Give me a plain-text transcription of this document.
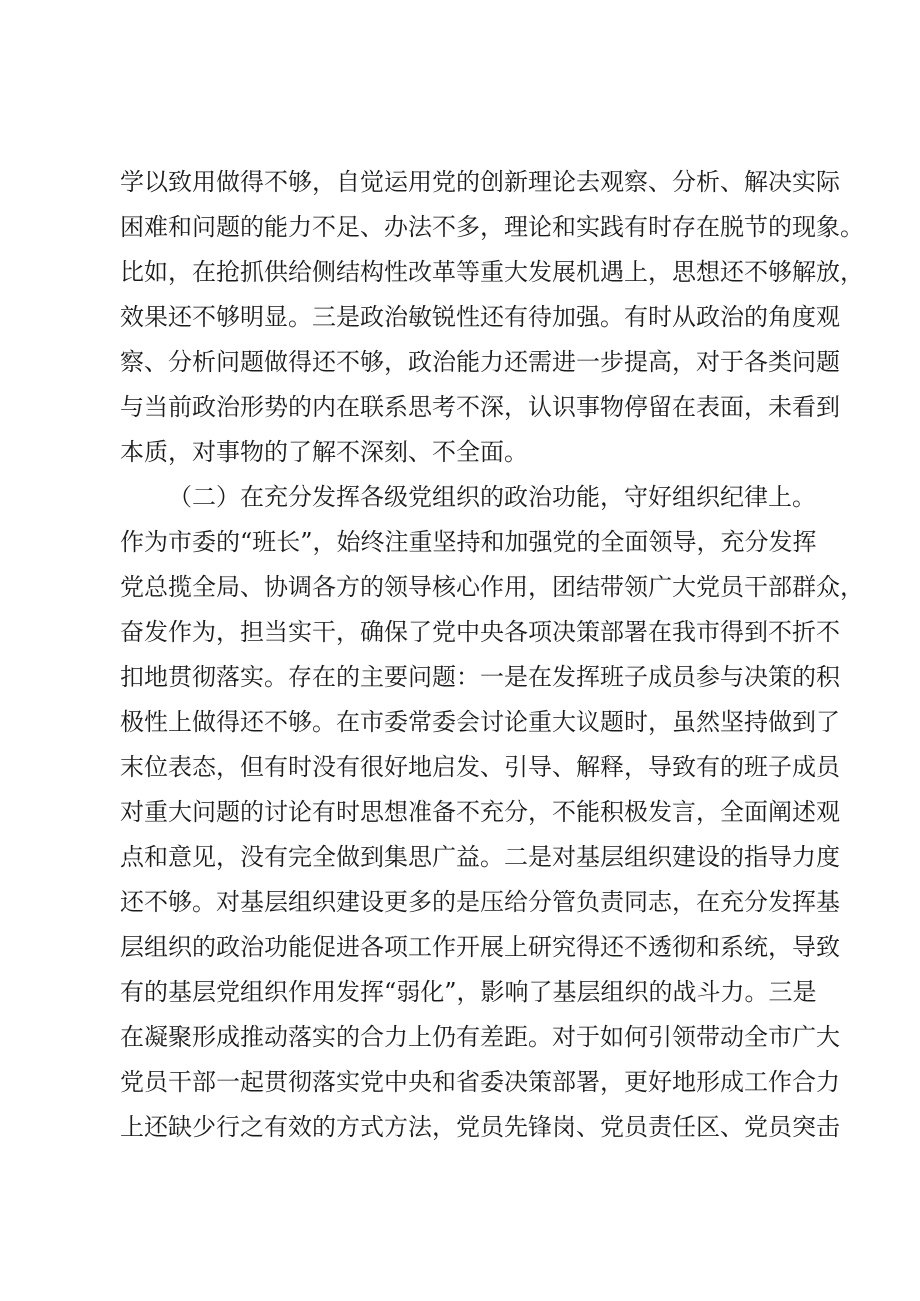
学以致用做得不够，自觉运用党的创新理论去观察、分析、解决实际
困难和问题的能力不足、办法不多，理论和实践有时存在脱节的现象。
比如，在抢抓供给侧结构性改革等重大发展机遇上，思想还不够解放，
效果还不够明显。三是政治敏锐性还有待加强。有时从政治的角度观
察、分析问题做得还不够，政治能力还需进一步提高，对于各类问题
与当前政治形势的内在联系思考不深，认识事物停留在表面，未看到
本质，对事物的了解不深刻、不全面。
（二）在充分发挥各级党组织的政治功能，守好组织纪律上。
作为市委的“班长”，始终注重坚持和加强党的全面领导，充分发挥
党总揽全局、协调各方的领导核心作用，团结带领广大党员干部群众，
奋发作为，担当实干，确保了党中央各项决策部署在我市得到不折不
扣地贯彻落实。存在的主要问题：一是在发挥班子成员参与决策的积
极性上做得还不够。在市委常委会讨论重大议题时，虽然坚持做到了
末位表态，但有时没有很好地启发、引导、解释，导致有的班子成员
对重大问题的讨论有时思想准备不充分，不能积极发言，全面阐述观
点和意见，没有完全做到集思广益。二是对基层组织建设的指导力度
还不够。对基层组织建设更多的是压给分管负责同志，在充分发挥基
层组织的政治功能促进各项工作开展上研究得还不透彻和系统，导致
有的基层党组织作用发挥“弱化”，影响了基层组织的战斗力。三是
在凝聚形成推动落实的合力上仍有差距。对于如何引领带动全市广大
党员干部一起贯彻落实党中央和省委决策部署，更好地形成工作合力
上还缺少行之有效的方式方法，党员先锋岗、党员责任区、党员突击
